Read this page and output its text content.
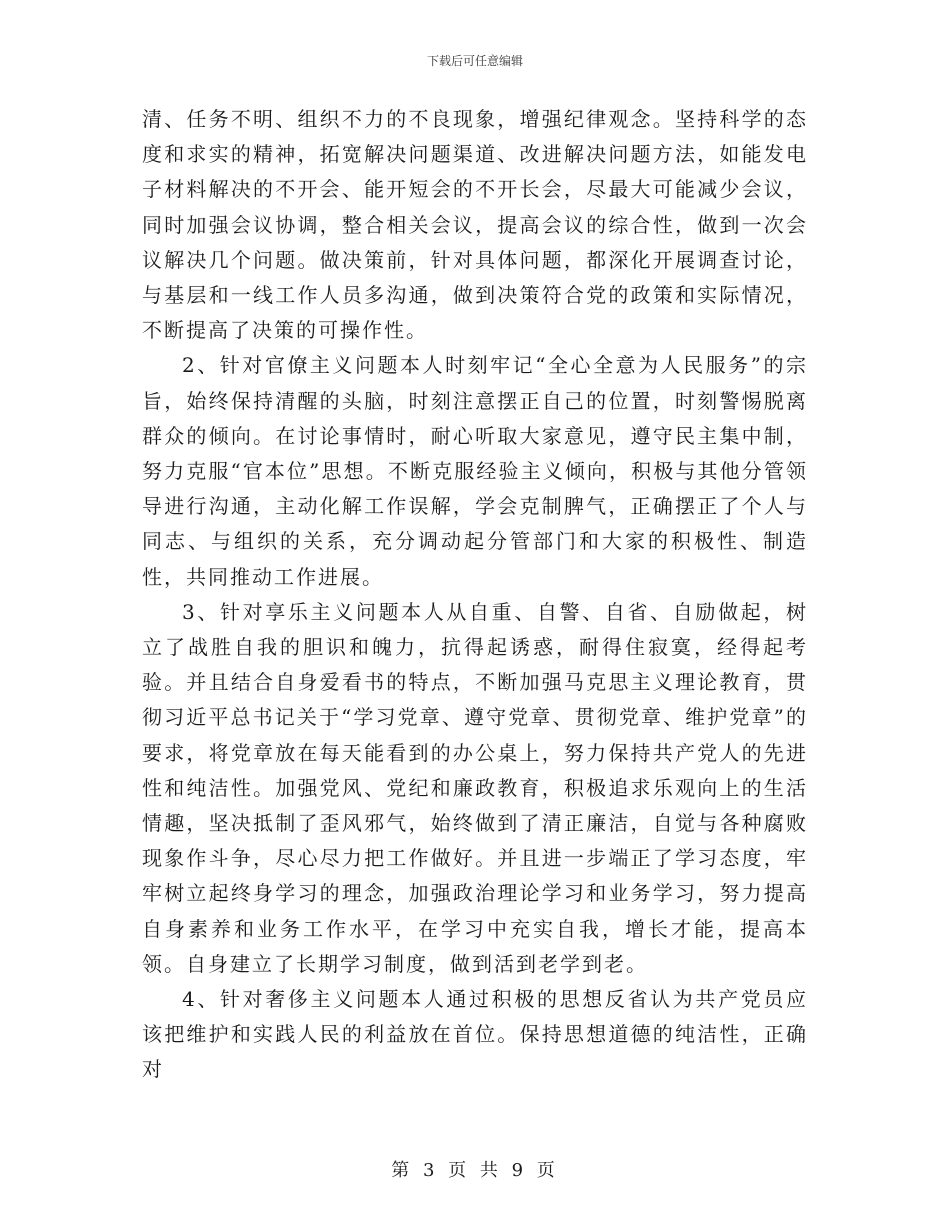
下载后可任意编辑

清、任务不明、组织不力的不良现象，增强纪律观念。坚持科学的态度和求实的精神，拓宽解决问题渠道、改进解决问题方法，如能发电子材料解决的不开会、能开短会的不开长会，尽最大可能减少会议，同时加强会议协调，整合相关会议，提高会议的综合性，做到一次会议解决几个问题。做决策前，针对具体问题，都深化开展调查讨论，与基层和一线工作人员多沟通，做到决策符合党的政策和实际情况，不断提高了决策的可操作性。

2、针对官僚主义问题本人时刻牢记“全心全意为人民服务”的宗旨，始终保持清醒的头脑，时刻注意摆正自己的位置，时刻警惕脱离群众的倾向。在讨论事情时，耐心听取大家意见，遵守民主集中制，努力克服“官本位”思想。不断克服经验主义倾向，积极与其他分管领导进行沟通，主动化解工作误解，学会克制脾气，正确摆正了个人与同志、与组织的关系，充分调动起分管部门和大家的积极性、制造性，共同推动工作进展。

3、针对享乐主义问题本人从自重、自警、自省、自励做起，树立了战胜自我的胆识和魄力，抗得起诱惑，耐得住寂寞，经得起考验。并且结合自身爱看书的特点，不断加强马克思主义理论教育，贯彻习近平总书记关于“学习党章、遵守党章、贯彻党章、维护党章”的要求，将党章放在每天能看到的办公桌上，努力保持共产党人的先进性和纯洁性。加强党风、党纪和廉政教育，积极追求乐观向上的生活情趣，坚决抵制了歪风邪气，始终做到了清正廉洁，自觉与各种腐败现象作斗争，尽心尽力把工作做好。并且进一步端正了学习态度，牢牢树立起终身学习的理念，加强政治理论学习和业务学习，努力提高自身素养和业务工作水平，在学习中充实自我，增长才能，提高本领。自身建立了长期学习制度，做到活到老学到老。

4、针对奢侈主义问题本人通过积极的思想反省认为共产党员应该把维护和实践人民的利益放在首位。保持思想道德的纯洁性，正确对

第 3 页 共 9 页
